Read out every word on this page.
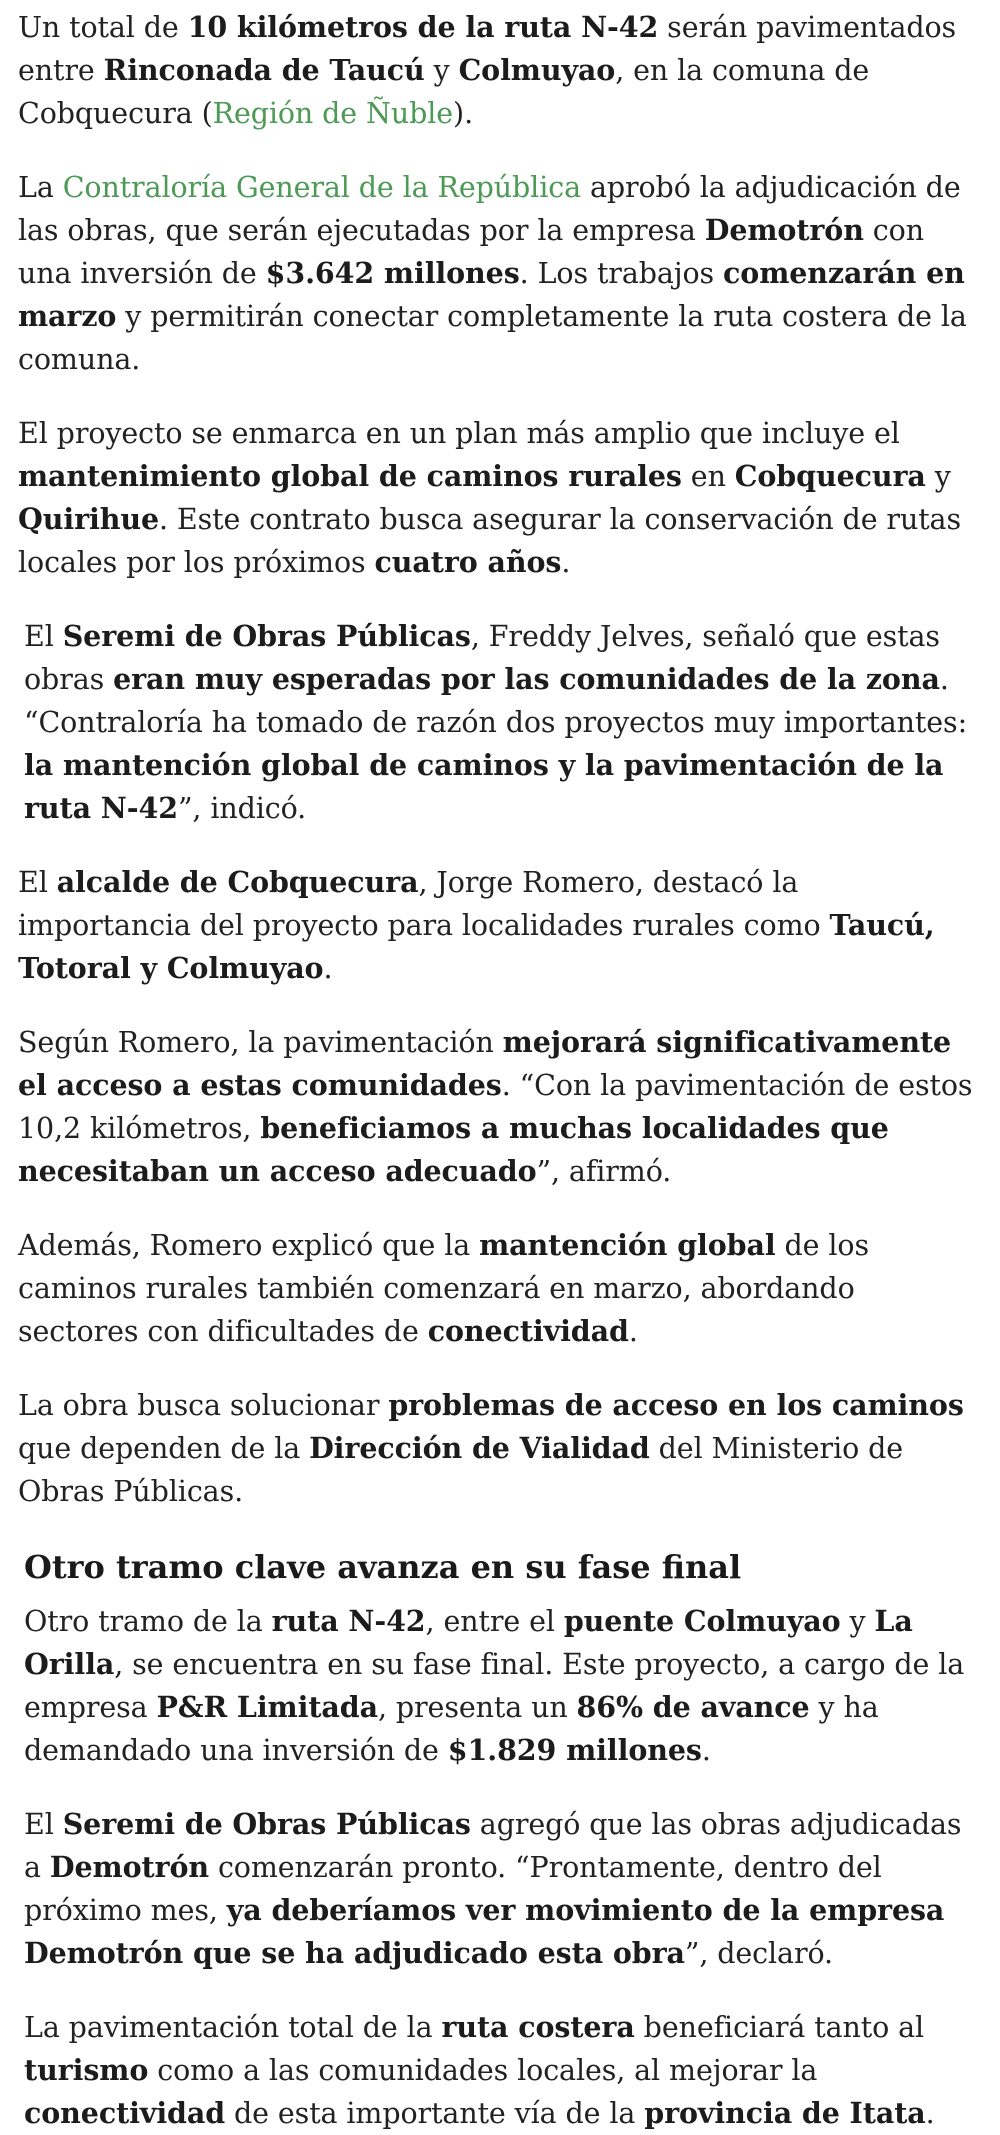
Un total de 10 kilómetros de la ruta N-42 serán pavimentados entre Rinconada de Taucú y Colmuyao, en la comuna de Cobquecura (Región de Ñuble).

La Contraloría General de la República aprobó la adjudicación de las obras, que serán ejecutadas por la empresa Demotrón con una inversión de $3.642 millones. Los trabajos comenzarán en marzo y permitirán conectar completamente la ruta costera de la comuna.

El proyecto se enmarca en un plan más amplio que incluye el mantenimiento global de caminos rurales en Cobquecura y Quirihue. Este contrato busca asegurar la conservación de rutas locales por los próximos cuatro años.

El Seremi de Obras Públicas, Freddy Jelves, señaló que estas obras eran muy esperadas por las comunidades de la zona. “Contraloría ha tomado de razón dos proyectos muy importantes: la mantención global de caminos y la pavimentación de la ruta N-42”, indicó.

El alcalde de Cobquecura, Jorge Romero, destacó la importancia del proyecto para localidades rurales como Taucú, Totoral y Colmuyao.

Según Romero, la pavimentación mejorará significativamente el acceso a estas comunidades. “Con la pavimentación de estos 10,2 kilómetros, beneficiamos a muchas localidades que necesitaban un acceso adecuado”, afirmó.

Además, Romero explicó que la mantención global de los caminos rurales también comenzará en marzo, abordando sectores con dificultades de conectividad.

La obra busca solucionar problemas de acceso en los caminos que dependen de la Dirección de Vialidad del Ministerio de Obras Públicas.

Otro tramo clave avanza en su fase final

Otro tramo de la ruta N-42, entre el puente Colmuyao y La Orilla, se encuentra en su fase final. Este proyecto, a cargo de la empresa P&R Limitada, presenta un 86% de avance y ha demandado una inversión de $1.829 millones.

El Seremi de Obras Públicas agregó que las obras adjudicadas a Demotrón comenzarán pronto. “Prontamente, dentro del próximo mes, ya deberíamos ver movimiento de la empresa Demotrón que se ha adjudicado esta obra”, declaró.

La pavimentación total de la ruta costera beneficiará tanto al turismo como a las comunidades locales, al mejorar la conectividad de esta importante vía de la provincia de Itata.
